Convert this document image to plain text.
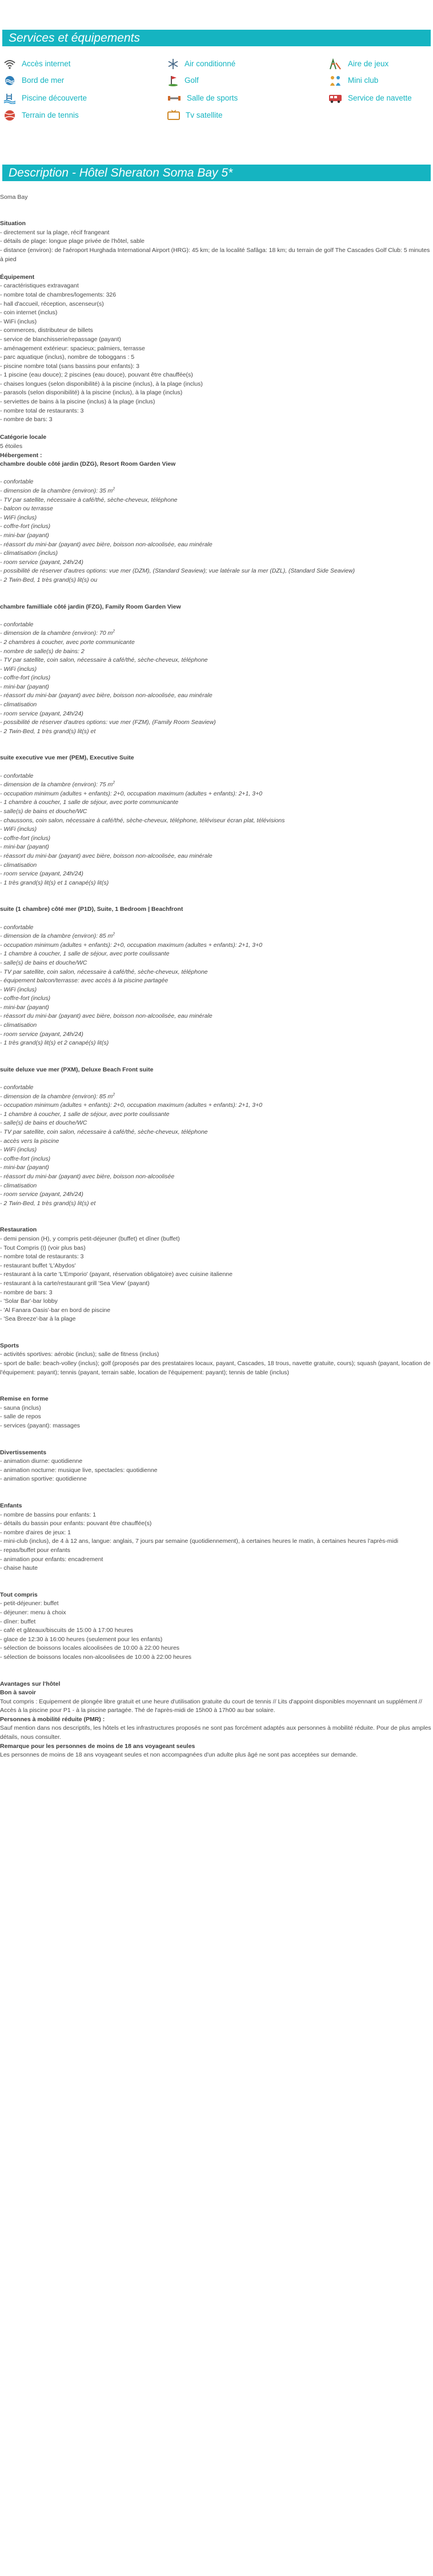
Services et équipements
Accès internet	Air conditionné	Aire de jeux
Bord de mer	Golf	Mini club
Piscine découverte	Salle de sports	Service de navette
Terrain de tennis	Tv satellite
Description - Hôtel Sheraton Soma Bay 5*
Soma Bay
Situation
- directement sur la plage, récif frangeant
- détails de plage: longue plage privée de l'hôtel, sable
- distance (environ): de l'aéroport Hurghada International Airport (HRG): 45 km; de la localité Safâga: 18 km; du terrain de golf The Cascades Golf Club: 5 minutes à pied
Équipement
- caractéristiques extravagant
- nombre total de chambres/logements: 326
- hall d'accueil, réception, ascenseur(s)
- coin internet (inclus)
- WiFi (inclus)
- commerces, distributeur de billets
- service de blanchisserie/repassage (payant)
- aménagement extérieur: spacieux; palmiers, terrasse
- parc aquatique (inclus), nombre de toboggans : 5
- piscine nombre total (sans bassins pour enfants): 3
- 1 piscine (eau douce); 2 piscines (eau douce), pouvant être chauffée(s)
- chaises longues (selon disponibilité) à la piscine (inclus), à la plage (inclus)
- parasols (selon disponibilité) à la piscine (inclus), à la plage (inclus)
- serviettes de bains à la piscine (inclus) à la plage (inclus)
- nombre total de restaurants: 3
- nombre de bars: 3
Catégorie locale
5 étoiles
Hébergement :
chambre double côté jardin (DZG), Resort Room Garden View
- confortable
- dimension de la chambre (environ): 35 $m^2$
- TV par satellite, nécessaire à café/thé, sèche-cheveux, téléphone
- balcon ou terrasse
- WiFi (inclus)
- coffre-fort (inclus)
- mini-bar (payant)
- réassort du mini-bar (payant) avec bière, boisson non-alcoolisée, eau minérale
- climatisation (inclus)
- room service (payant, 24h/24)
- possibilité de réserver d'autres options: vue mer (DZM), (Standard Seaview); vue latérale sur la mer (DZL), (Standard Side Seaview)
- 2 Twin-Bed, 1 très grand(s) lit(s) ou
chambre familliale côté jardin (FZG), Family Room Garden View
- confortable
- dimension de la chambre (environ): 70 $m^2$
- 2 chambres à coucher, avec porte communicante
- nombre de salle(s) de bains: 2
- TV par satellite, coin salon, nécessaire à café/thé, sèche-cheveux, téléphone
- WiFi (inclus)
- coffre-fort (inclus)
- mini-bar (payant)
- réassort du mini-bar (payant) avec bière, boisson non-alcoolisée, eau minérale
- climatisation
- room service (payant, 24h/24)
- possibilité de réserver d'autres options: vue mer (FZM), (Family Room Seaview)
- 2 Twin-Bed, 1 très grand(s) lit(s) et
suite executive vue mer (PEM), Executive Suite
- confortable
- dimension de la chambre (environ): 75 $m^2$
- occupation minimum (adultes + enfants): 2+0, occupation maximum (adultes + enfants): 2+1, 3+0
- 1 chambre à coucher, 1 salle de séjour, avec porte communicante
- salle(s) de bains et douche/WC
- chaussons, coin salon, nécessaire à café/thé, sèche-cheveux, téléphone, téléviseur écran plat, télévisions
- WiFi (inclus)
- coffre-fort (inclus)
- mini-bar (payant)
- réassort du mini-bar (payant) avec bière, boisson non-alcoolisée, eau minérale
- climatisation
- room service (payant, 24h/24)
- 1 très grand(s) lit(s) et 1 canapé(s) lit(s)
suite (1 chambre) côté mer (P1D), Suite, 1 Bedroom | Beachfront
- confortable
- dimension de la chambre (environ): 85 $m^2$
- occupation minimum (adultes + enfants): 2+0, occupation maximum (adultes + enfants): 2+1, 3+0
- 1 chambre à coucher, 1 salle de séjour, avec porte coulissante
- salle(s) de bains et douche/WC
- TV par satellite, coin salon, nécessaire à café/thé, sèche-cheveux, téléphone
- équipement balcon/terrasse: avec accès à la piscine partagée
- WiFi (inclus)
- coffre-fort (inclus)
- mini-bar (payant)
- réassort du mini-bar (payant) avec bière, boisson non-alcoolisée, eau minérale
- climatisation
- room service (payant, 24h/24)
- 1 très grand(s) lit(s) et 2 canapé(s) lit(s)
suite deluxe vue mer (PXM), Deluxe Beach Front suite
- confortable
- dimension de la chambre (environ): 85 $m^2$
- occupation minimum (adultes + enfants): 2+0, occupation maximum (adultes + enfants): 2+1, 3+0
- 1 chambre à coucher, 1 salle de séjour, avec porte coulissante
- salle(s) de bains et douche/WC
- TV par satellite, coin salon, nécessaire à café/thé, sèche-cheveux, téléphone
- accès vers la piscine
- WiFi (inclus)
- coffre-fort (inclus)
- mini-bar (payant)
- réassort du mini-bar (payant) avec bière, boisson non-alcoolisée
- climatisation
- room service (payant, 24h/24)
- 2 Twin-Bed, 1 très grand(s) lit(s) et
Restauration
- demi pension (H), y compris petit-déjeuner (buffet) et dîner (buffet)
- Tout Compris (I) (voir plus bas)
- nombre total de restaurants: 3
- restaurant buffet 'L'Abydos'
- restaurant à la carte 'L'Emporio' (payant, réservation obligatoire) avec cuisine italienne
- restaurant à la carte/restaurant grill 'Sea View' (payant)
- nombre de bars: 3
- 'Solar Bar'-bar lobby
- 'Al Fanara Oasis'-bar en bord de piscine
- 'Sea Breeze'-bar à la plage
Sports
- activités sportives: aérobic (inclus); salle de fitness (inclus)
- sport de balle: beach-volley (inclus); golf (proposés par des prestataires locaux, payant, Cascades, 18 trous, navette gratuite, cours); squash (payant, location de l'équipement: payant); tennis (payant, terrain sable, location de l'équipement: payant); tennis de table (inclus)
Remise en forme
- sauna (inclus)
- salle de repos
- services (payant): massages
Divertissements
- animation diurne: quotidienne
- animation nocturne: musique live, spectacles: quotidienne
- animation sportive: quotidienne
Enfants
- nombre de bassins pour enfants: 1
- détails du bassin pour enfants: pouvant être chauffée(s)
- nombre d'aires de jeux: 1
- mini-club (inclus), de 4 à 12 ans, langue: anglais, 7 jours par semaine (quotidiennement), à certaines heures le matin, à certaines heures l'après-midi
- repas/buffet pour enfants
- animation pour enfants: encadrement
- chaise haute
Tout compris
- petit-déjeuner: buffet
- déjeuner: menu à choix
- dîner: buffet
- café et gâteaux/biscuits de 15:00 à 17:00 heures
- glace de 12:30 à 16:00 heures (seulement pour les enfants)
- sélection de boissons locales alcoolisées de 10:00 à 22:00 heures
- sélection de boissons locales non-alcoolisées de 10:00 à 22:00 heures
Avantages sur l'hôtel
Bon à savoir
Tout compris : Equipement de plongée libre gratuit et une heure d'utilisation gratuite du court de tennis // Lits d'appoint disponibles moyennant un supplément // Accès à la piscine pour P1 - à la piscine partagée. Thé de l'après-midi de 15h00 à 17h00 au bar solaire.
Personnes à mobilité réduite (PMR) :
Sauf mention dans nos descriptifs, les hôtels et les infrastructures proposés ne sont pas forcément adaptés aux personnes à mobilité réduite. Pour de plus amples détails, nous consulter.
Remarque pour les personnes de moins de 18 ans voyageant seules
Les personnes de moins de 18 ans voyageant seules et non accompagnées d'un adulte plus âgé ne sont pas acceptées sur demande.
